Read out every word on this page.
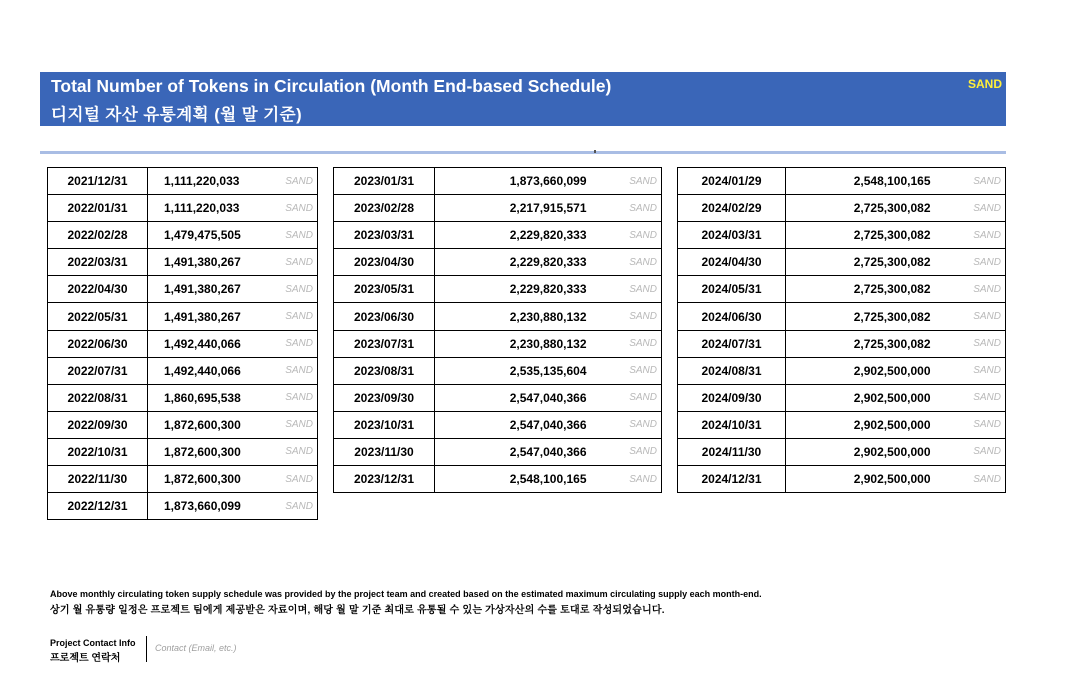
Total Number of Tokens in Circulation (Month End-based Schedule)
디지털 자산 유통계획 (월 말 기준)
SAND
2021/12/31	1,111,220,033	SAND
2022/01/31	1,111,220,033	SAND
2022/02/28	1,479,475,505	SAND
2022/03/31	1,491,380,267	SAND
2022/04/30	1,491,380,267	SAND
2022/05/31	1,491,380,267	SAND
2022/06/30	1,492,440,066	SAND
2022/07/31	1,492,440,066	SAND
2022/08/31	1,860,695,538	SAND
2022/09/30	1,872,600,300	SAND
2022/10/31	1,872,600,300	SAND
2022/11/30	1,872,600,300	SAND
2022/12/31	1,873,660,099	SAND
2023/01/31	1,873,660,099	SAND
2023/02/28	2,217,915,571	SAND
2023/03/31	2,229,820,333	SAND
2023/04/30	2,229,820,333	SAND
2023/05/31	2,229,820,333	SAND
2023/06/30	2,230,880,132	SAND
2023/07/31	2,230,880,132	SAND
2023/08/31	2,535,135,604	SAND
2023/09/30	2,547,040,366	SAND
2023/10/31	2,547,040,366	SAND
2023/11/30	2,547,040,366	SAND
2023/12/31	2,548,100,165	SAND
2024/01/29	2,548,100,165	SAND
2024/02/29	2,725,300,082	SAND
2024/03/31	2,725,300,082	SAND
2024/04/30	2,725,300,082	SAND
2024/05/31	2,725,300,082	SAND
2024/06/30	2,725,300,082	SAND
2024/07/31	2,725,300,082	SAND
2024/08/31	2,902,500,000	SAND
2024/09/30	2,902,500,000	SAND
2024/10/31	2,902,500,000	SAND
2024/11/30	2,902,500,000	SAND
2024/12/31	2,902,500,000	SAND
Above monthly circulating token supply schedule was provided by the project team and created based on the estimated maximum circulating supply each month-end.
상기 월 유통량 일정은 프로젝트 팀에게 제공받은 자료이며, 해당 월 말 기준 최대로 유통될 수 있는 가상자산의 수를 토대로 작성되었습니다.
Project Contact Info
프로젝트 연락처
Contact (Email, etc.)
